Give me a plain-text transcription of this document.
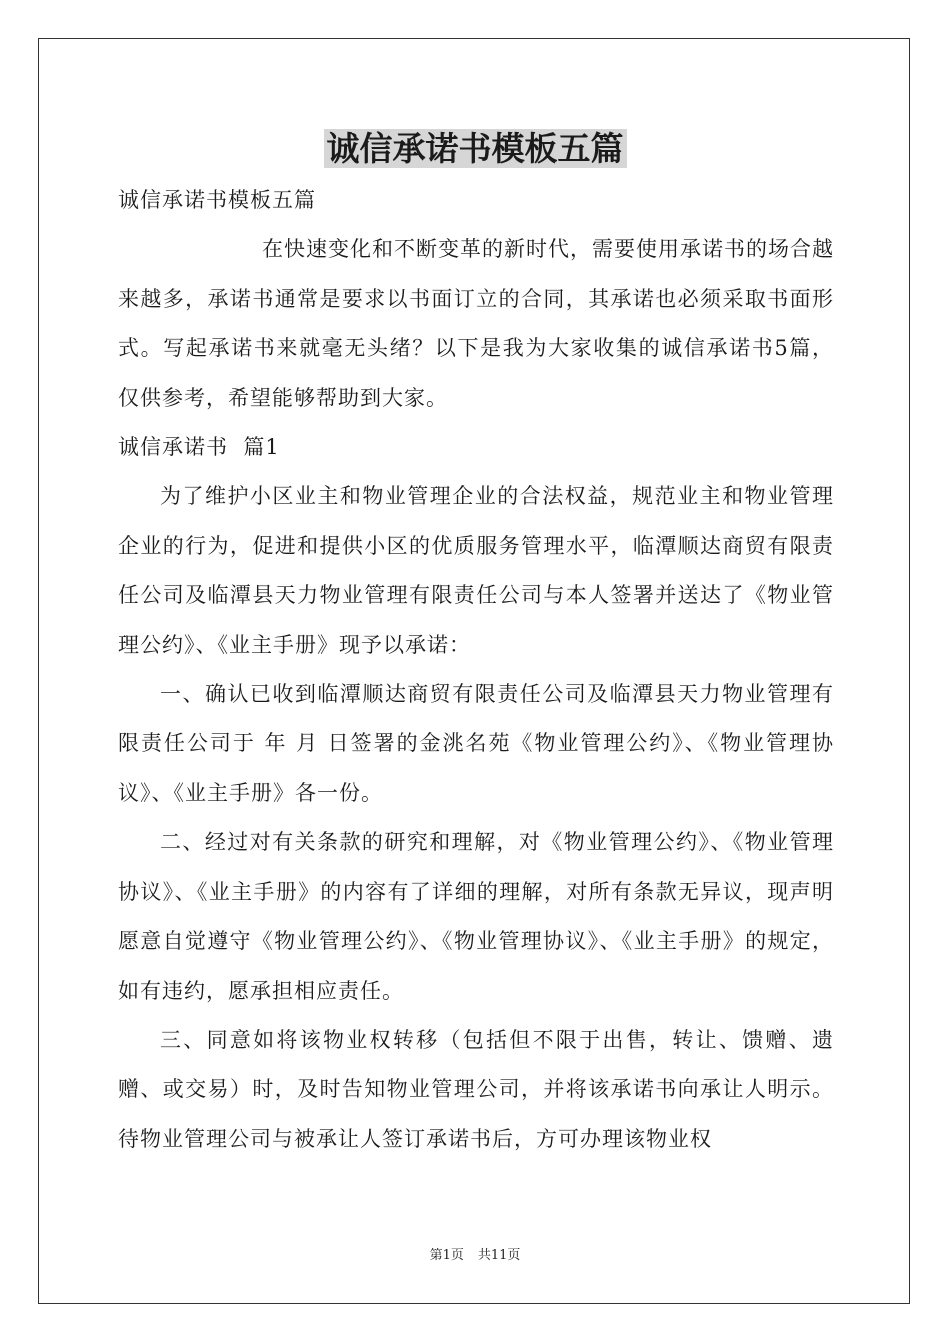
诚信承诺书模板五篇

诚信承诺书模板五篇

在快速变化和不断变革的新时代，需要使用承诺书的场合越来越多，承诺书通常是要求以书面订立的合同，其承诺也必须采取书面形式。写起承诺书来就毫无头绪？以下是我为大家收集的诚信承诺书5篇，仅供参考，希望能够帮助到大家。

诚信承诺书  篇1

为了维护小区业主和物业管理企业的合法权益，规范业主和物业管理企业的行为，促进和提供小区的优质服务管理水平，临潭顺达商贸有限责任公司及临潭县天力物业管理有限责任公司与本人签署并送达了《物业管理公约》、《业主手册》现予以承诺：

一、确认已收到临潭顺达商贸有限责任公司及临潭县天力物业管理有限责任公司于 年 月 日签署的金洮名苑《物业管理公约》、《物业管理协议》、《业主手册》各一份。

二、经过对有关条款的研究和理解，对《物业管理公约》、《物业管理协议》、《业主手册》的内容有了详细的理解，对所有条款无异议，现声明愿意自觉遵守《物业管理公约》、《物业管理协议》、《业主手册》的规定，如有违约，愿承担相应责任。

三、同意如将该物业权转移（包括但不限于出售，转让、馈赠、遗赠、或交易）时，及时告知物业管理公司，并将该承诺书向承让人明示。待物业管理公司与被承让人签订承诺书后，方可办理该物业权

第1页 共11页
